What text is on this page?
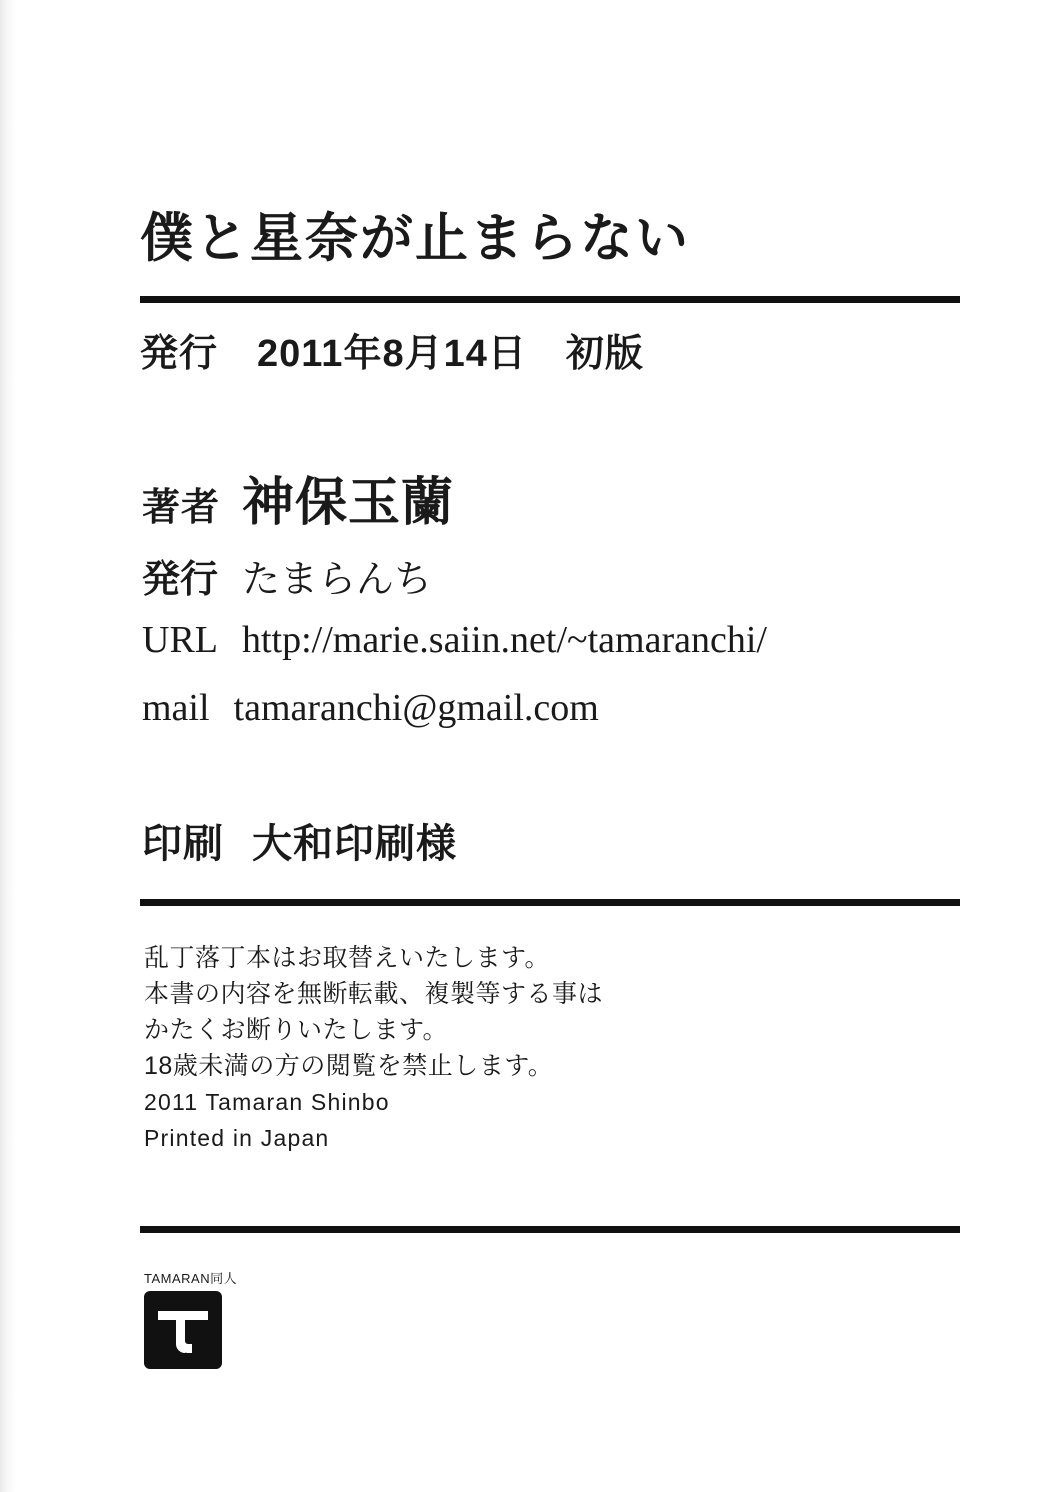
僕と星奈が止まらない
発行　2011年8月14日　初版
著者 神保玉蘭
発行 たまらんち
URL http://marie.saiin.net/~tamaranchi/
mail tamaranchi@gmail.com
印刷 大和印刷様
乱丁落丁本はお取替えいたします。
本書の内容を無断転載、複製等する事は
かたくお断りいたします。
18歳未満の方の閲覧を禁止します。
2011 Tamaran Shinbo
Printed in Japan
TAMARAN同人
